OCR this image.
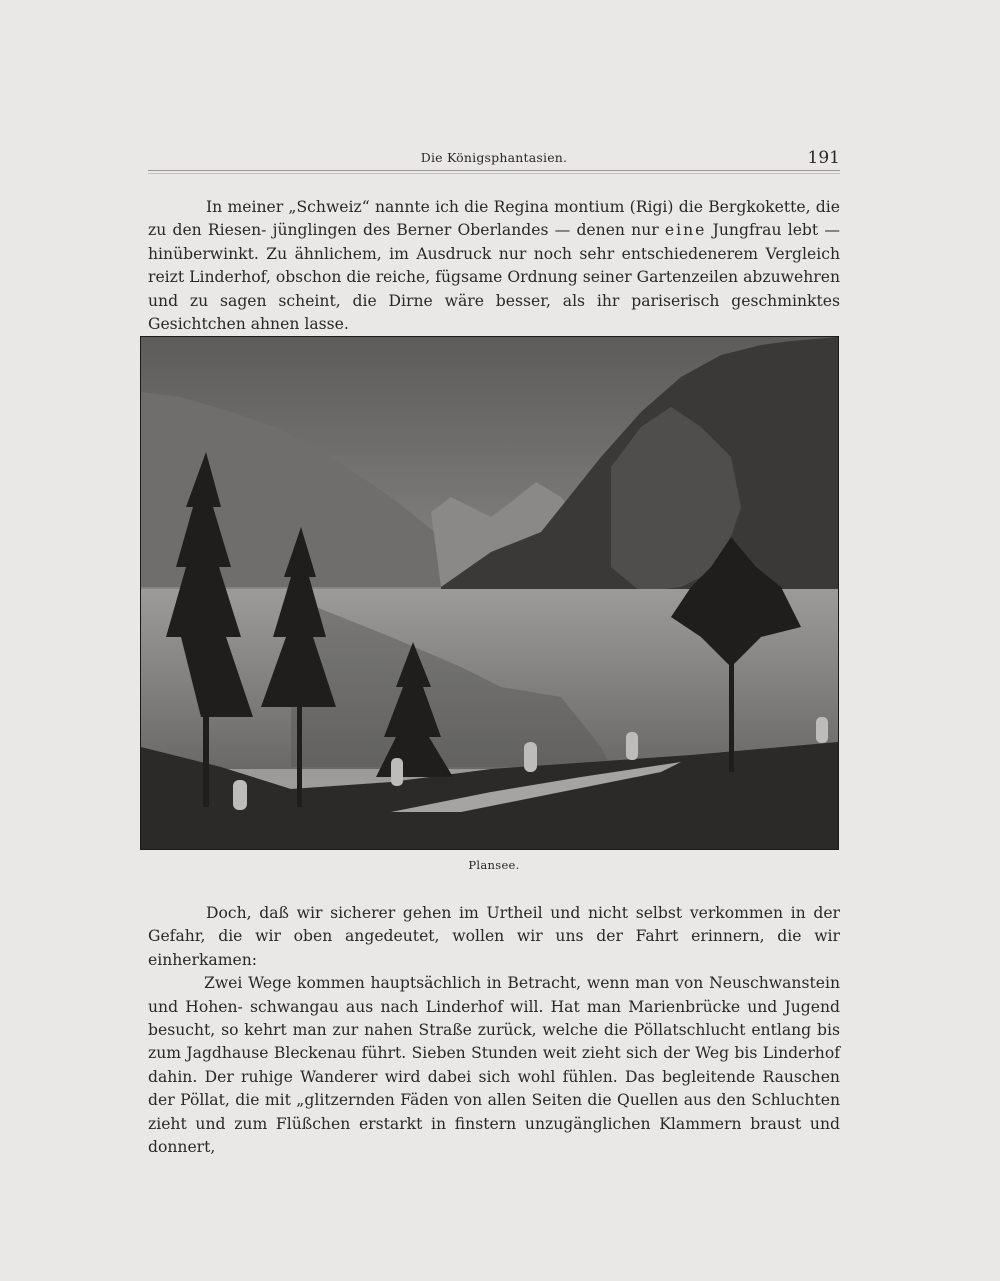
Die Königsphantasien.	191

In meiner „Schweiz“ nannte ich die Regina montium (Rigi) die Bergkokette, die zu den Riesen- jünglingen des Berner Oberlandes — denen nur eine Jungfrau lebt — hinüberwinkt. Zu ähnlichem, im Ausdruck nur noch sehr entschiedenerem Vergleich reizt Linderhof, obschon die reiche, fügsame Ordnung seiner Gartenzeilen abzuwehren und zu sagen scheint, die Dirne wäre besser, als ihr pariserisch geschminktes Gesichtchen ahnen lasse.

Plansee.

Doch, daß wir sicherer gehen im Urtheil und nicht selbst verkommen in der Gefahr, die wir oben angedeutet, wollen wir uns der Fahrt erinnern, die wir einherkamen:

Zwei Wege kommen hauptsächlich in Betracht, wenn man von Neuschwanstein und Hohen- schwangau aus nach Linderhof will. Hat man Marienbrücke und Jugend besucht, so kehrt man zur nahen Straße zurück, welche die Pöllatschlucht entlang bis zum Jagdhause Bleckenau führt. Sieben Stunden weit zieht sich der Weg bis Linderhof dahin. Der ruhige Wanderer wird dabei sich wohl fühlen. Das begleitende Rauschen der Pöllat, die mit „glitzernden Fäden von allen Seiten die Quellen aus den Schluchten zieht und zum Flüßchen erstarkt in finstern unzugänglichen Klammern braust und donnert,
